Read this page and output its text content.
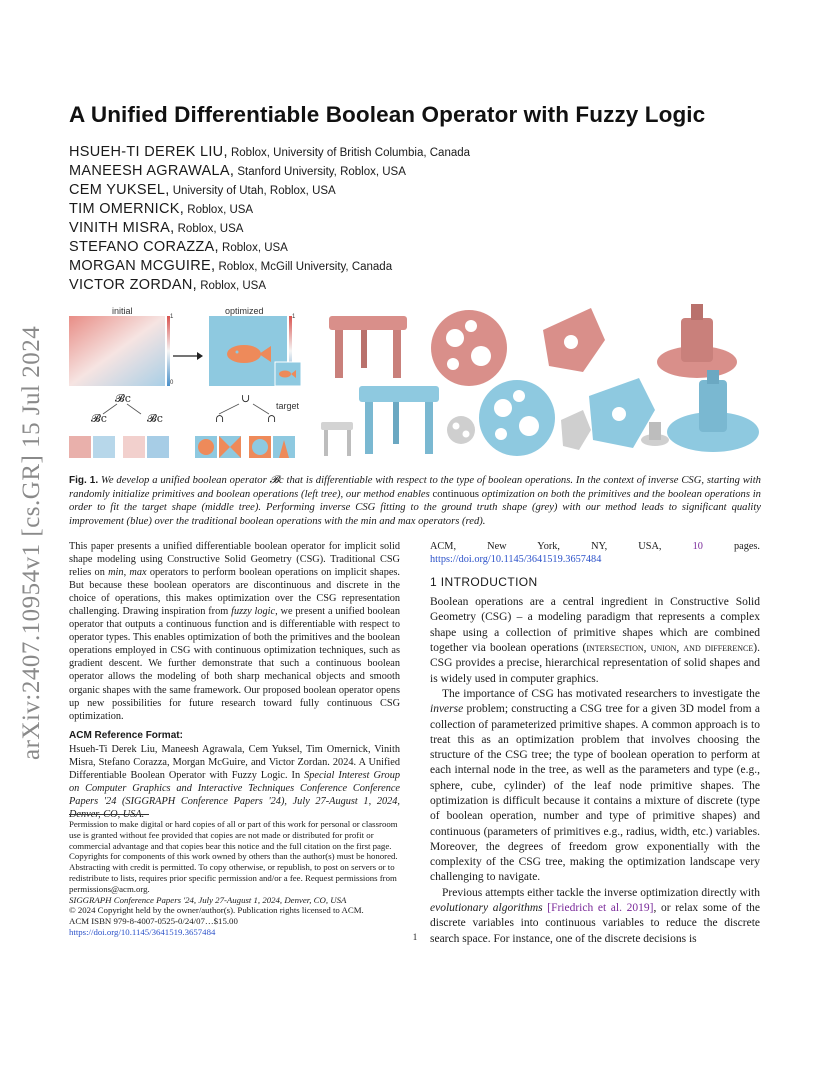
arXiv:2407.10954v1 [cs.GR] 15 Jul 2024
A Unified Differentiable Boolean Operator with Fuzzy Logic
HSUEH-TI DEREK LIU, Roblox, University of British Columbia, Canada
MANEESH AGRAWALA, Stanford University, Roblox, USA
CEM YUKSEL, University of Utah, Roblox, USA
TIM OMERNICK, Roblox, USA
VINITH MISRA, Roblox, USA
STEFANO CORAZZA, Roblox, USA
MORGAN MCGUIRE, Roblox, McGill University, Canada
VICTOR ZORDAN, Roblox, USA
initial	optimized
1
0
1
target
𝓑c
𝓑c	𝓑c
∪
∩	∩

Fig. 1. We develop a unified boolean operator 𝓑c that is differentiable with respect to the type of boolean operations. In the context of inverse CSG, starting with randomly initialize primitives and boolean operations (left tree), our method enables continuous optimization on both the primitives and the boolean operations in order to fit the target shape (middle tree). Performing inverse CSG fitting to the ground truth shape (grey) with our method leads to significant quality improvement (blue) over the traditional boolean operations with the min and max operators (red).

This paper presents a unified differentiable boolean operator for implicit solid shape modeling using Constructive Solid Geometry (CSG). Traditional CSG relies on min, max operators to perform boolean operations on implicit shapes. But because these boolean operators are discontinuous and discrete in the choice of operations, this makes optimization over the CSG representation challenging. Drawing inspiration from fuzzy logic, we present a unified boolean operator that outputs a continuous function and is differentiable with respect to operator types. This enables optimization of both the primitives and the boolean operations employed in CSG with continuous optimization techniques, such as gradient descent. We further demonstrate that such a continuous boolean operator allows the modeling of both sharp mechanical objects and smooth organic shapes with the same framework. Our proposed boolean operator opens up new possibilities for future research toward fully continuous CSG optimization.

ACM Reference Format:

Hsueh-Ti Derek Liu, Maneesh Agrawala, Cem Yuksel, Tim Omernick, Vinith Misra, Stefano Corazza, Morgan McGuire, and Victor Zordan. 2024. A Unified Differentiable Boolean Operator with Fuzzy Logic. In Special Interest Group on Computer Graphics and Interactive Techniques Conference Conference Papers '24 (SIGGRAPH Conference Papers '24), July 27-August 1, 2024, Denver, CO, USA.

Permission to make digital or hard copies of all or part of this work for personal or classroom use is granted without fee provided that copies are not made or distributed for profit or commercial advantage and that copies bear this notice and the full citation on the first page. Copyrights for components of this work owned by others than the author(s) must be honored. Abstracting with credit is permitted. To copy otherwise, or republish, to post on servers or to redistribute to lists, requires prior specific permission and/or a fee. Request permissions from permissions@acm.org.

SIGGRAPH Conference Papers '24, July 27-August 1, 2024, Denver, CO, USA

© 2024 Copyright held by the owner/author(s). Publication rights licensed to ACM.

ACM ISBN 979-8-4007-0525-0/24/07…$15.00

https://doi.org/10.1145/3641519.3657484

ACM, New York, NY, USA, 10 pages. https://doi.org/10.1145/3641519.3657484

1 INTRODUCTION

Boolean operations are a central ingredient in Constructive Solid Geometry (CSG) – a modeling paradigm that represents a complex shape using a collection of primitive shapes which are combined together via boolean operations (intersection, union, and difference). CSG provides a precise, hierarchical representation of solid shapes and is widely used in computer graphics.

The importance of CSG has motivated researchers to investigate the inverse problem; constructing a CSG tree for a given 3D model from a collection of parameterized primitive shapes. A common approach is to treat this as an optimization problem that involves choosing the structure of the CSG tree; the type of boolean operation to perform at each internal node in the tree, as well as the parameters and type (e.g., sphere, cube, cylinder) of the leaf node primitive shapes. The optimization is difficult because it contains a mixture of discrete (type of boolean operation, number and type of primitive shapes) and continuous (parameters of primitives e.g., radius, width, etc.) variables. Moreover, the degrees of freedom grow exponentially with the complexity of the CSG tree, making the optimization landscape very challenging to navigate.

Previous attempts either tackle the inverse optimization directly with evolutionary algorithms [Friedrich et al. 2019], or relax some of the discrete variables into continuous variables to reduce the discrete search space. For instance, one of the discrete decisions is

1
